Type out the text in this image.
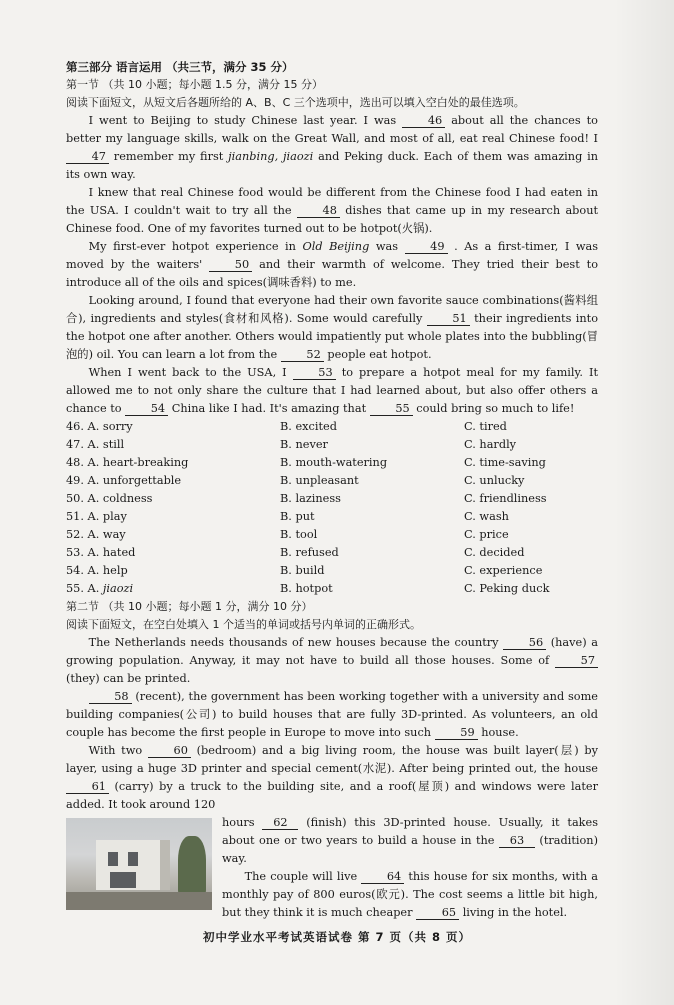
第三部分 语言运用 （共三节，满分 35 分）
第一节 （共 10 小题；每小题 1.5 分，满分 15 分）
阅读下面短文，从短文后各题所给的 A、B、C 三个选项中，选出可以填入空白处的最佳选项。

I went to Beijing to study Chinese last year. I was	46 about all the chances to better my language skills, walk on the Great Wall, and most of all, eat real Chinese food! I 47 remember my first jianbing, jiaozi and Peking duck. Each of them was amazing in its own way.

I knew that real Chinese food would be different from the Chinese food I had eaten in the USA. I couldn't wait to try all the	48 dishes that came up in my research about Chinese food. One of my favorites turned out to be hotpot(火锅).

My first-ever hotpot experience in Old Beijing was	49 . As a first-timer, I was moved by the waiters'	50 and their warmth of welcome. They tried their best to introduce all of the oils and spices(调味香料) to me.

Looking around, I found that everyone had their own favorite sauce combinations(酱料组合), ingredients and styles(食材和风格). Some would carefully	51 their ingredients into the hotpot one after another. Others would impatiently put whole plates into the bubbling(冒泡的) oil. You can learn a lot from the	52 people eat hotpot.

When I went back to the USA, I	53 to prepare a hotpot meal for my family. It allowed me to not only share the culture that I had learned about, but also offer others a chance to	54 China like I had. It's amazing that	55 could bring so much to life!

46. A. sorry	B. excited	C. tired
47. A. still	B. never	C. hardly
48. A. heart-breaking	B. mouth-watering	C. time-saving
49. A. unforgettable	B. unpleasant	C. unlucky
50. A. coldness	B. laziness	C. friendliness
51. A. play	B. put	C. wash
52. A. way	B. tool	C. price
53. A. hated	B. refused	C. decided
54. A. help	B. build	C. experience
55. A. jiaozi	B. hotpot	C. Peking duck
第二节 （共 10 小题；每小题 1 分，满分 10 分）
阅读下面短文，在空白处填入 1 个适当的单词或括号内单词的正确形式。

The Netherlands needs thousands of new houses because the country	56 (have) a growing population. Anyway, it may not have to build all those houses. Some of	57 (they) can be printed.

58 (recent), the government has been working together with a university and some building companies(公司) to build houses that are fully 3D-printed. As volunteers, an old couple has become the first people in Europe to move into such	59 house.

With two	60 (bedroom) and a big living room, the house was built layer(层) by layer, using a huge 3D printer and special cement(水泥). After being printed out, the house 61 (carry) by a truck to the building site, and a roof(屋顶) and windows were later added. It took around 120

hours 62 (finish) this 3D-printed house. Usually, it takes about one or two years to build a house in the 63 (tradition) way.

The couple will live	64 this house for six months, with a monthly pay of 800 euros(欧元). The cost seems a little bit high, but they think it is much cheaper	65 living in the hotel.

初中学业水平考试英语试卷 第 7 页（共 8 页）
